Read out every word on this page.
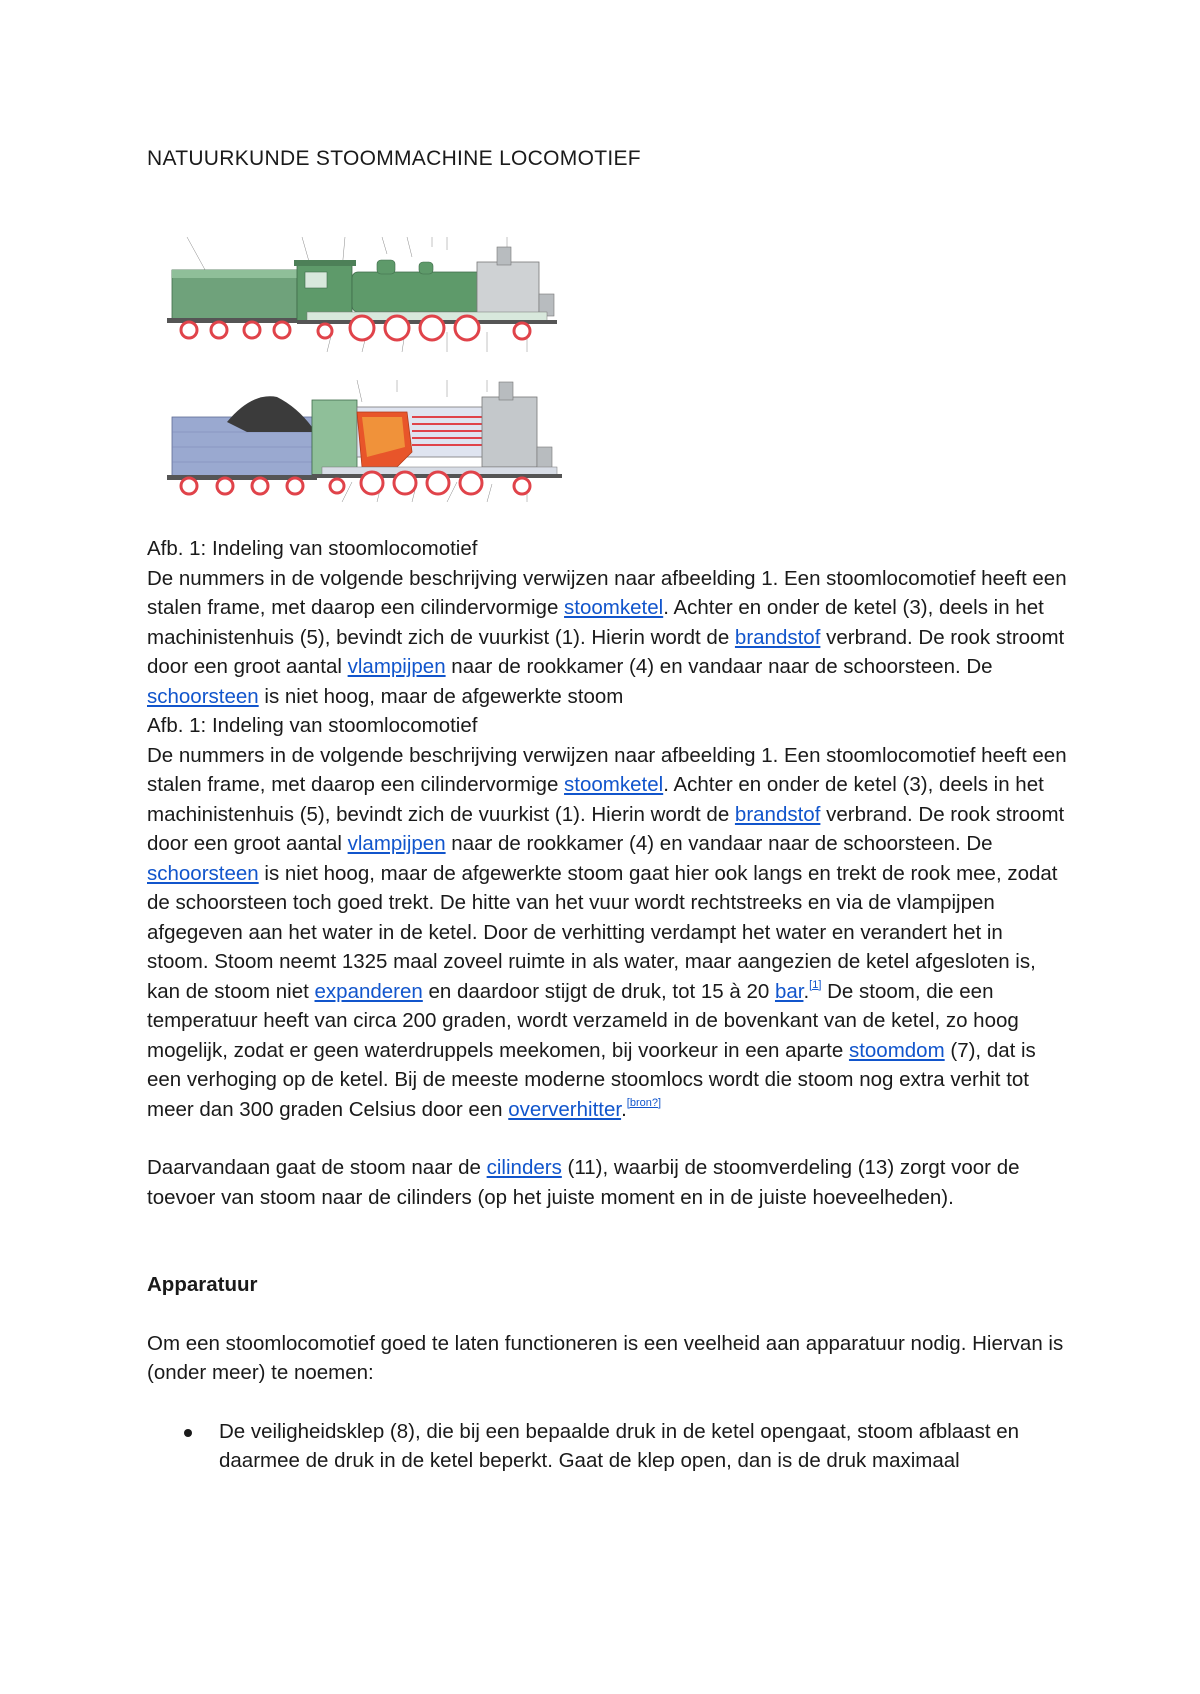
NATUURKUNDE STOOMMACHINE LOCOMOTIEF

Afb. 1: Indeling van stoomlocomotief

De nummers in de volgende beschrijving verwijzen naar afbeelding 1. Een stoomlocomotief heeft een stalen frame, met daarop een cilindervormige stoomketel. Achter en onder de ketel (3), deels in het machinistenhuis (5), bevindt zich de vuurkist (1). Hierin wordt de brandstof verbrand. De rook stroomt door een groot aantal vlampijpen naar de rookkamer (4) en vandaar naar de schoorsteen. De schoorsteen is niet hoog, maar de afgewerkte stoom

Afb. 1: Indeling van stoomlocomotief

De nummers in de volgende beschrijving verwijzen naar afbeelding 1. Een stoomlocomotief heeft een stalen frame, met daarop een cilindervormige stoomketel. Achter en onder de ketel (3), deels in het machinistenhuis (5), bevindt zich de vuurkist (1). Hierin wordt de brandstof verbrand. De rook stroomt door een groot aantal vlampijpen naar de rookkamer (4) en vandaar naar de schoorsteen. De schoorsteen is niet hoog, maar de afgewerkte stoom gaat hier ook langs en trekt de rook mee, zodat de schoorsteen toch goed trekt. De hitte van het vuur wordt rechtstreeks en via de vlampijpen afgegeven aan het water in de ketel. Door de verhitting verdampt het water en verandert het in stoom. Stoom neemt 1325 maal zoveel ruimte in als water, maar aangezien de ketel afgesloten is, kan de stoom niet expanderen en daardoor stijgt de druk, tot 15 à 20 bar.[1] De stoom, die een temperatuur heeft van circa 200 graden, wordt verzameld in de bovenkant van de ketel, zo hoog mogelijk, zodat er geen waterdruppels meekomen, bij voorkeur in een aparte stoomdom (7), dat is een verhoging op de ketel. Bij de meeste moderne stoomlocs wordt die stoom nog extra verhit tot meer dan 300 graden Celsius door een oververhitter.[bron?]

Daarvandaan gaat de stoom naar de cilinders (11), waarbij de stoomverdeling (13) zorgt voor de toevoer van stoom naar de cilinders (op het juiste moment en in de juiste hoeveelheden).

Apparatuur

Om een stoomlocomotief goed te laten functioneren is een veelheid aan apparatuur nodig. Hiervan is (onder meer) te noemen:

De veiligheidsklep (8), die bij een bepaalde druk in de ketel opengaat, stoom afblaast en daarmee de druk in de ketel beperkt. Gaat de klep open, dan is de druk maximaal
